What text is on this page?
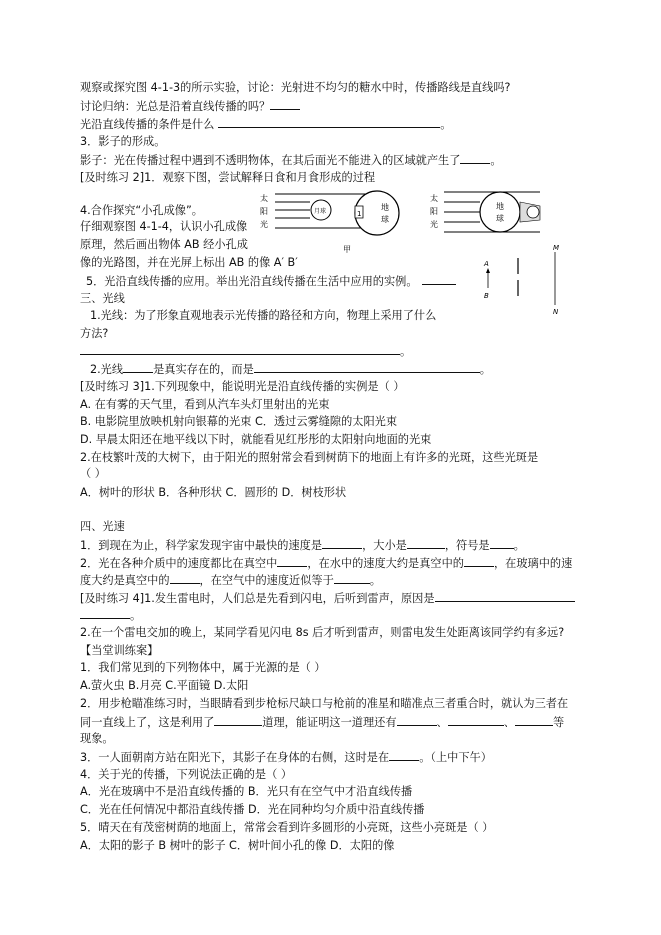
观察或探究图 4-1-3的所示实验，讨论：光射进不均匀的糖水中时，传播路线是直线吗?
讨论归纳：光总是沿着直线传播的吗？
光沿直线传播的条件是什么	。
3．影子的形成。
影子：光在传播过程中遇到不透明物体，在其后面光不能进入的区域就产生了	。
[及时练习 2]1．观察下图，尝试解释日食和月食形成的过程
太
阳
光
月球	地
球
1
甲
太
阳
光
地
球
M
N
A
B
4.合作探究“小孔成像”。
仔细观察图 4-1-4，认识小孔成像
原理，然后画出物体 AB 经小孔成
像的光路图，并在光屏上标出 AB 的像 A′ B′
5．光沿直线传播的应用。举出光沿直线传播在生活中应用的实例。
三、光线
1.光线：为了形象直观地表示光传播的路径和方向，物理上采用了什么
方法?
。
2.光线	是真实存在的，而是	。
[及时练习 3]1.下列现象中，能说明光是沿直线传播的实例是（ ）
A. 在有雾的天气里，看到从汽车头灯里射出的光束
B. 电影院里放映机射向银幕的光束 C．透过云雾缝隙的太阳光束
D. 早晨太阳还在地平线以下时，就能看见红彤彤的太阳射向地面的光束
2.在枝繁叶茂的大树下，由于阳光的照射常会看到树荫下的地面上有许多的光斑，这些光斑是
（ ）
A．树叶的形状 B．各种形状 C．圆形的 D．树枝形状
四、光速
1．到现在为止，科学家发现宇宙中最快的速度是	，大小是	，符号是 。
2．光在各种介质中的速度都比在真空中	，在水中的速度大约是真空中的	，在玻璃中的速
度大约是真空中的	，在空气中的速度近似等于	。
[及时练习 4]1.发生雷电时，人们总是先看到闪电，后听到雷声，原因是
。
2.在一个雷电交加的晚上，某同学看见闪电 8s 后才听到雷声，则雷电发生处距离该同学约有多远?
【当堂训练案】
1．我们常见到的下列物体中，属于光源的是（ ）
A.萤火虫 B.月亮 C.平面镜 D.太阳
2．用步枪瞄准练习时，当眼睛看到步枪标尺缺口与枪前的准星和瞄准点三者重合时，就认为三者在
同一直线上了，这是利用了	道理，能证明这一道理还有	、	、	等
现象。
3．一人面朝南方站在阳光下，其影子在身体的右侧，这时是在	。（上中下午）
4．关于光的传播，下列说法正确的是（ ）
A．光在玻璃中不是沿直线传播的 B．光只有在空气中才沿直线传播
C．光在任何情况中都沿直线传播 D．光在同种均匀介质中沿直线传播
5．晴天在有茂密树荫的地面上，常常会看到许多圆形的小亮斑，这些小亮斑是（ ）
A．太阳的影子 B 树叶的影子 C．树叶间小孔的像 D．太阳的像
